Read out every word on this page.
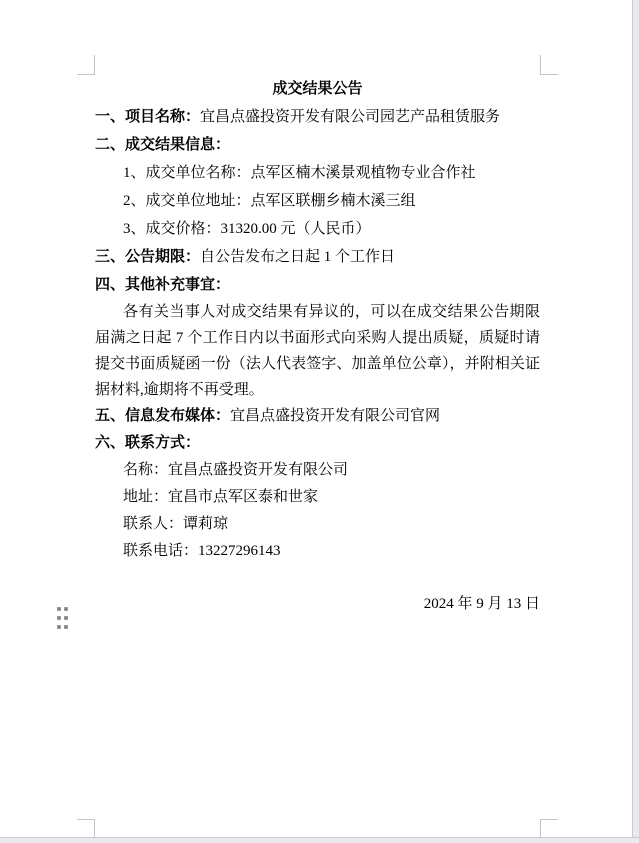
成交结果公告
一、项目名称：宜昌点盛投资开发有限公司园艺产品租赁服务
二、成交结果信息：
1、成交单位名称：点军区楠木溪景观植物专业合作社
2、成交单位地址：点军区联棚乡楠木溪三组
3、成交价格：31320.00 元（人民币）
三、公告期限：自公告发布之日起 1 个工作日
四、其他补充事宜：
各有关当事人对成交结果有异议的，可以在成交结果公告期限届满之日起 7 个工作日内以书面形式向采购人提出质疑，质疑时请提交书面质疑函一份（法人代表签字、加盖单位公章），并附相关证据材料,逾期将不再受理。
五、信息发布媒体：宜昌点盛投资开发有限公司官网
六、联系方式：
名称：宜昌点盛投资开发有限公司
地址：宜昌市点军区泰和世家
联系人：谭莉琼
联系电话：13227296143
2024 年 9 月 13 日
